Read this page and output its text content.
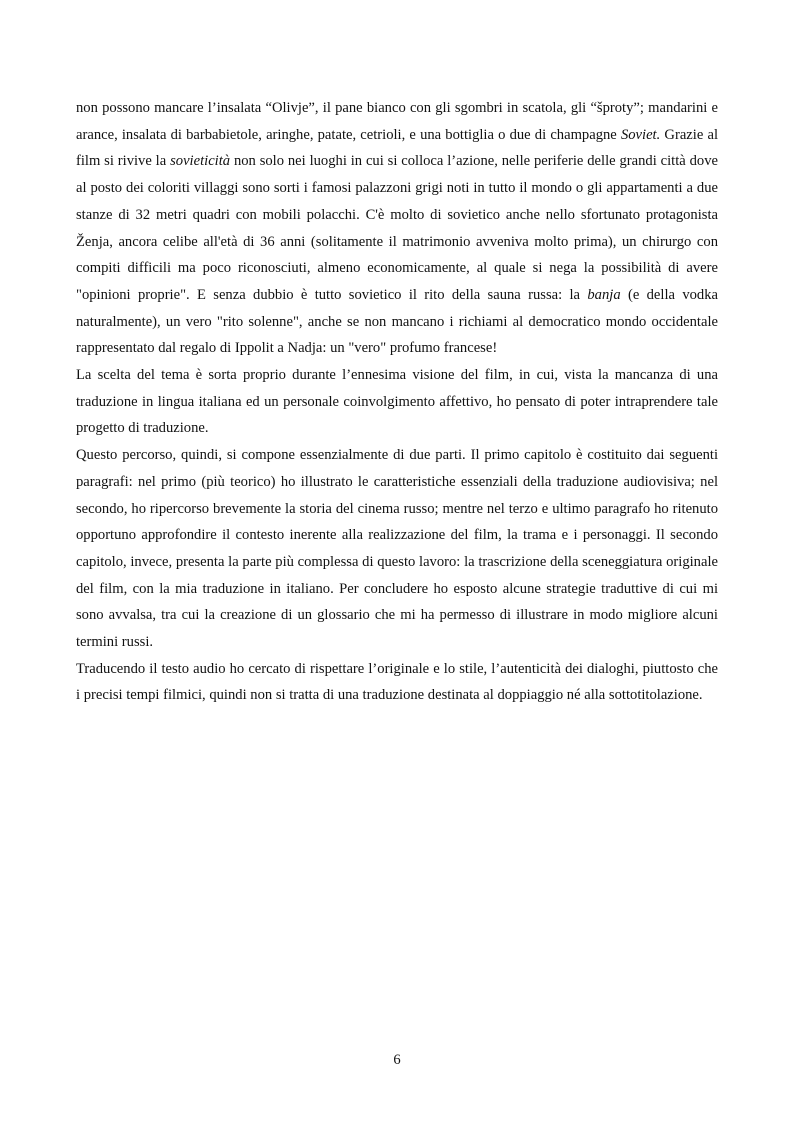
non possono mancare l’insalata “Olivje”, il pane bianco con gli sgombri in scatola, gli “šproty”; mandarini e arance, insalata di barbabietole, aringhe, patate, cetrioli, e una bottiglia o due di champagne Soviet. Grazie al film si rivive la sovieticità non solo nei luoghi in cui si colloca l’azione, nelle periferie delle grandi città dove al posto dei coloriti villaggi sono sorti i famosi palazzoni grigi noti in tutto il mondo o gli appartamenti a due stanze di 32 metri quadri con mobili polacchi. C'è molto di sovietico anche nello sfortunato protagonista Ženja, ancora celibe all'età di 36 anni (solitamente il matrimonio avveniva molto prima), un chirurgo con compiti difficili ma poco riconosciuti, almeno economicamente, al quale si nega la possibilità di avere "opinioni proprie". E senza dubbio è tutto sovietico il rito della sauna russa: la banja (e della vodka naturalmente), un vero "rito solenne", anche se non mancano i richiami al democratico mondo occidentale rappresentato dal regalo di Ippolit a Nadja: un "vero" profumo francese!

La scelta del tema è sorta proprio durante l’ennesima visione del film, in cui, vista la mancanza di una traduzione in lingua italiana ed un personale coinvolgimento affettivo, ho pensato di poter intraprendere tale progetto di traduzione.

Questo percorso, quindi, si compone essenzialmente di due parti. Il primo capitolo è costituito dai seguenti paragrafi: nel primo (più teorico) ho illustrato le caratteristiche essenziali della traduzione audiovisiva; nel secondo, ho ripercorso brevemente la storia del cinema russo; mentre nel terzo e ultimo paragrafo ho ritenuto opportuno approfondire il contesto inerente alla realizzazione del film, la trama e i personaggi. Il secondo capitolo, invece, presenta la parte più complessa di questo lavoro: la trascrizione della sceneggiatura originale del film, con la mia traduzione in italiano. Per concludere ho esposto alcune strategie traduttive di cui mi sono avvalsa, tra cui la creazione di un glossario che mi ha permesso di illustrare in modo migliore alcuni termini russi.

Traducendo il testo audio ho cercato di rispettare l’originale e lo stile, l’autenticità dei dialoghi, piuttosto che i precisi tempi filmici, quindi non si tratta di una traduzione destinata al doppiaggio né alla sottotitolazione.

6
